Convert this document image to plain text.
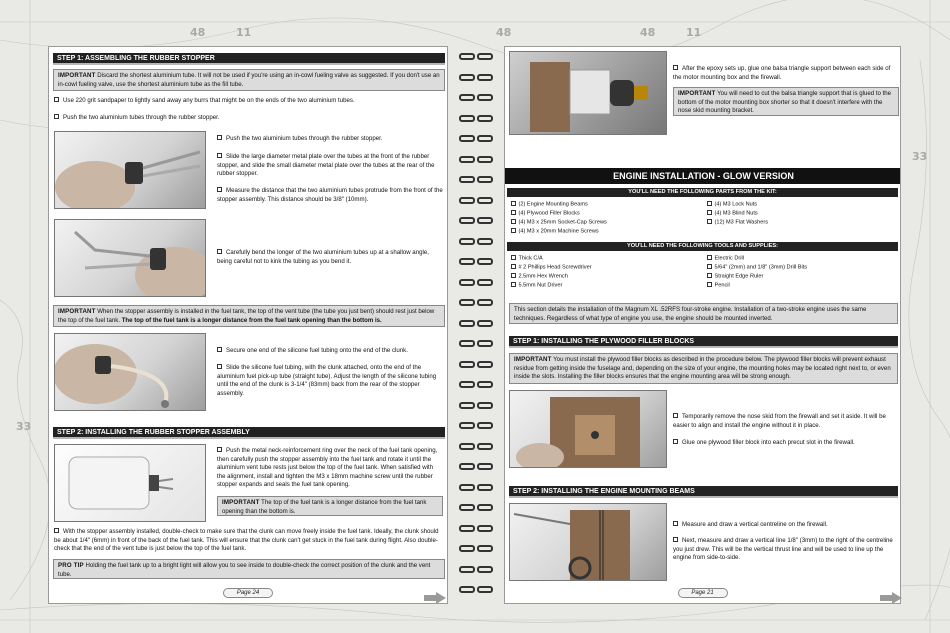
48	11	48	11
33
33
48
STEP 1: ASSEMBLING THE RUBBER STOPPER
IMPORTANT Discard the shortest aluminium tube. It will not be used if you're using an in-cowl fueling valve as suggested. If you don't use an in-cowl fueling valve, use the shortest aluminium tube as the fill tube.
Use 220 grit sandpaper to lightly sand away any burrs that might be on the ends of the two aluminium tubes.
Push the two aluminium tubes through the rubber stopper.
Push the two aluminium tubes through the rubber stopper.
Slide the large diameter metal plate over the tubes at the front of the rubber stopper, and slide the small diameter metal plate over the tubes at the rear of the rubber stopper.
Measure the distance that the two aluminium tubes protrude from the front of the stopper assembly. This distance should be 3/8" (10mm).
Carefully bend the longer of the two aluminium tubes up at a shallow angle, being careful not to kink the tubing as you bend it.
IMPORTANT When the stopper assembly is installed in the fuel tank, the top of the vent tube (the tube you just bent) should rest just below the top of the fuel tank. The top of the fuel tank is a longer distance from the fuel tank opening than the bottom is.
Secure one end of the silicone fuel tubing onto the end of the clunk.
Slide the silicone fuel tubing, with the clunk attached, onto the end of the aluminium fuel pick-up tube (straight tube). Adjust the length of the silicone tubing until the end of the clunk is 3-1/4" (83mm) back from the rear of the stopper assembly.
STEP 2: INSTALLING THE RUBBER STOPPER ASSEMBLY
Push the metal neck-reinforcement ring over the neck of the fuel tank opening, then carefully push the stopper assembly into the fuel tank and rotate it until the aluminium vent tube rests just below the top of the fuel tank. When satisfied with the alignment, install and tighten the M3 x 18mm machine screw until the rubber stopper expands and seals the fuel tank opening.
IMPORTANT The top of the fuel tank is a longer distance from the fuel tank opening than the bottom is.
With the stopper assembly installed, double-check to make sure that the clunk can move freely inside the fuel tank. Ideally, the clunk should be about 1/4" (6mm) in front of the back of the fuel tank. This will ensure that the clunk can't get stuck in the fuel tank during flight. Also double-check that the end of the vent tube is just below the top of the fuel tank.
PRO TIP Holding the fuel tank up to a bright light will allow you to see inside to double-check the correct position of the clunk and the vent tube.
Page 24
After the epoxy sets up, glue one balsa triangle support between each side of the motor mounting box and the firewall.
IMPORTANT You will need to cut the balsa triangle support that is glued to the bottom of the motor mounting box shorter so that it doesn't interfere with the nose skid mounting bracket.
ENGINE INSTALLATION - GLOW VERSION
YOU'LL NEED THE FOLLOWING PARTS FROM THE KIT:
(2) Engine Mounting Beams
(4) Plywood Filler Blocks
(4) M3 x 25mm Socket-Cap Screws
(4) M3 x 20mm Machine Screws
(4) M3 Lock Nuts
(4) M3 Blind Nuts
(12) M3 Flat Washers
YOU'LL NEED THE FOLLOWING TOOLS AND SUPPLIES:
Thick C/A
# 2 Phillips Head Screwdriver
2.5mm Hex Wrench
5.5mm Nut Driver
Electric Drill
5/64" (2mm) and 1/8" (3mm) Drill Bits
Straight Edge Ruler
Pencil
This section details the installation of the Magnum XL .52RFS four-stroke engine. Installation of a two-stroke engine uses the same techniques. Regardless of what type of engine you use, the engine should be mounted inverted.
STEP 1: INSTALLING THE PLYWOOD FILLER BLOCKS
IMPORTANT You must install the plywood filler blocks as described in the procedure below. The plywood filler blocks will prevent exhaust residue from getting inside the fuselage and, depending on the size of your engine, the mounting holes may be located right next to, or even inside the slots. Installing the filler blocks ensures that the engine mounting area will be strong enough.
Temporarily remove the nose skid from the firewall and set it aside. It will be easier to align and install the engine without it in place.
Glue one plywood filler block into each precut slot in the firewall.
STEP 2: INSTALLING THE ENGINE MOUNTING BEAMS
Measure and draw a vertical centreline on the firewall.
Next, measure and draw a vertical line 1/8" (3mm) to the right of the centreline you just drew. This will be the vertical thrust line and will be used to line up the engine from side-to-side.
Page 21
